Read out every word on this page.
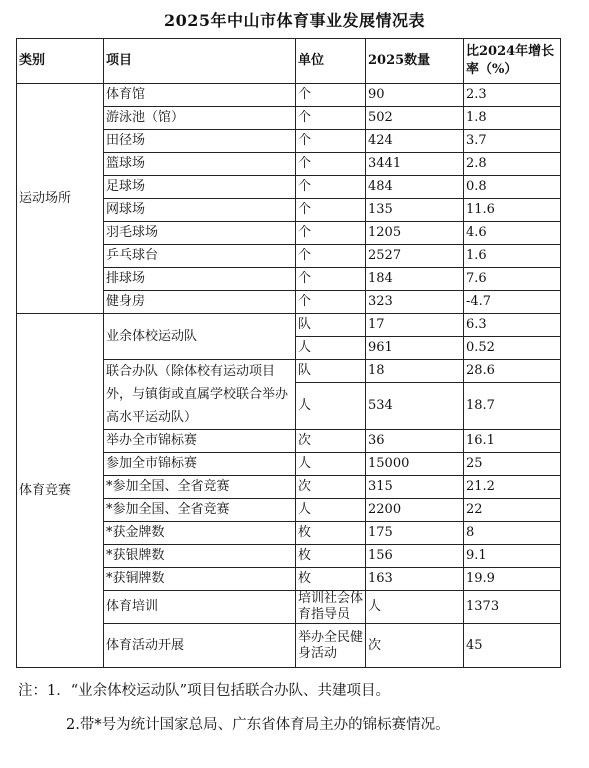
2025年中山市体育事业发展情况表
类别	项目	单位	2025数量	比2024年增长率（%）	
运动场所	体育馆	个	90	2.3	
	游泳池（馆）	个	502	1.8	
	田径场	个	424	3.7	
	篮球场	个	3441	2.8	
	足球场	个	484	0.8	
	网球场	个	135	11.6	
	羽毛球场	个	1205	4.6	
	乒乓球台	个	2527	1.6	
	排球场	个	184	7.6	
	健身房	个	323	-4.7	
体育竞赛	业余体校运动队	队	17	6.3	
		人	961	0.52	
	联合办队（除体校有运动项目外，与镇街或直属学校联合举办高水平运动队）	队	18	28.6	
		人	534	18.7	
	举办全市锦标赛	次	36	16.1	
	参加全市锦标赛	人	15000	25	
	*参加全国、全省竞赛	次	315	21.2	
	*参加全国、全省竞赛	人	2200	22	
	*获金牌数	枚	175	8	
	*获银牌数	枚	156	9.1	
	*获铜牌数	枚	163	19.9	
	体育培训	培训社会体育指导员	人	1373	
	体育活动开展	举办全民健身活动	次	45	

注：1．“业余体校运动队”项目包括联合办队、共建项目。

2.带*号为统计国家总局、广东省体育局主办的锦标赛情况。
